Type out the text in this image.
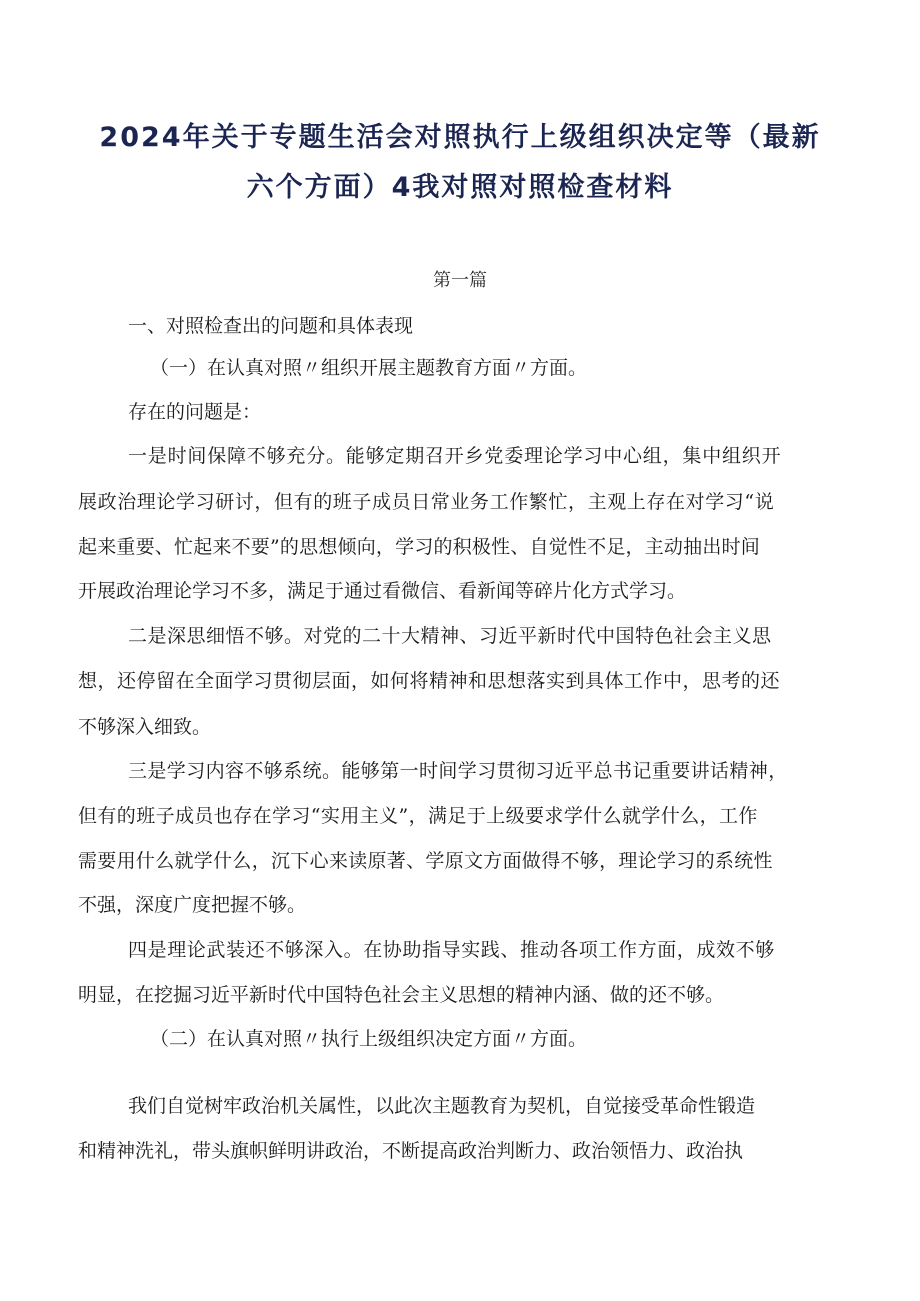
2024年关于专题生活会对照执行上级组织决定等（最新
六个方面）4我对照对照检查材料
第一篇
一、对照检查出的问题和具体表现
（一）在认真对照〃组织开展主题教育方面〃方面。
存在的问题是：
一是时间保障不够充分。能够定期召开乡党委理论学习中心组，集中组织开
展政治理论学习研讨，但有的班子成员日常业务工作繁忙，主观上存在对学习“说
起来重要、忙起来不要”的思想倾向，学习的积极性、自觉性不足，主动抽出时间
开展政治理论学习不多，满足于通过看微信、看新闻等碎片化方式学习。
二是深思细悟不够。对党的二十大精神、习近平新时代中国特色社会主义思
想，还停留在全面学习贯彻层面，如何将精神和思想落实到具体工作中，思考的还
不够深入细致。
三是学习内容不够系统。能够第一时间学习贯彻习近平总书记重要讲话精神，
但有的班子成员也存在学习“实用主义”，满足于上级要求学什么就学什么，工作
需要用什么就学什么，沉下心来读原著、学原文方面做得不够，理论学习的系统性
不强，深度广度把握不够。
四是理论武装还不够深入。在协助指导实践、推动各项工作方面，成效不够
明显，在挖掘习近平新时代中国特色社会主义思想的精神内涵、做的还不够。
（二）在认真对照〃执行上级组织决定方面〃方面。
我们自觉树牢政治机关属性，以此次主题教育为契机，自觉接受革命性锻造
和精神洗礼，带头旗帜鲜明讲政治，不断提高政治判断力、政治领悟力、政治执
